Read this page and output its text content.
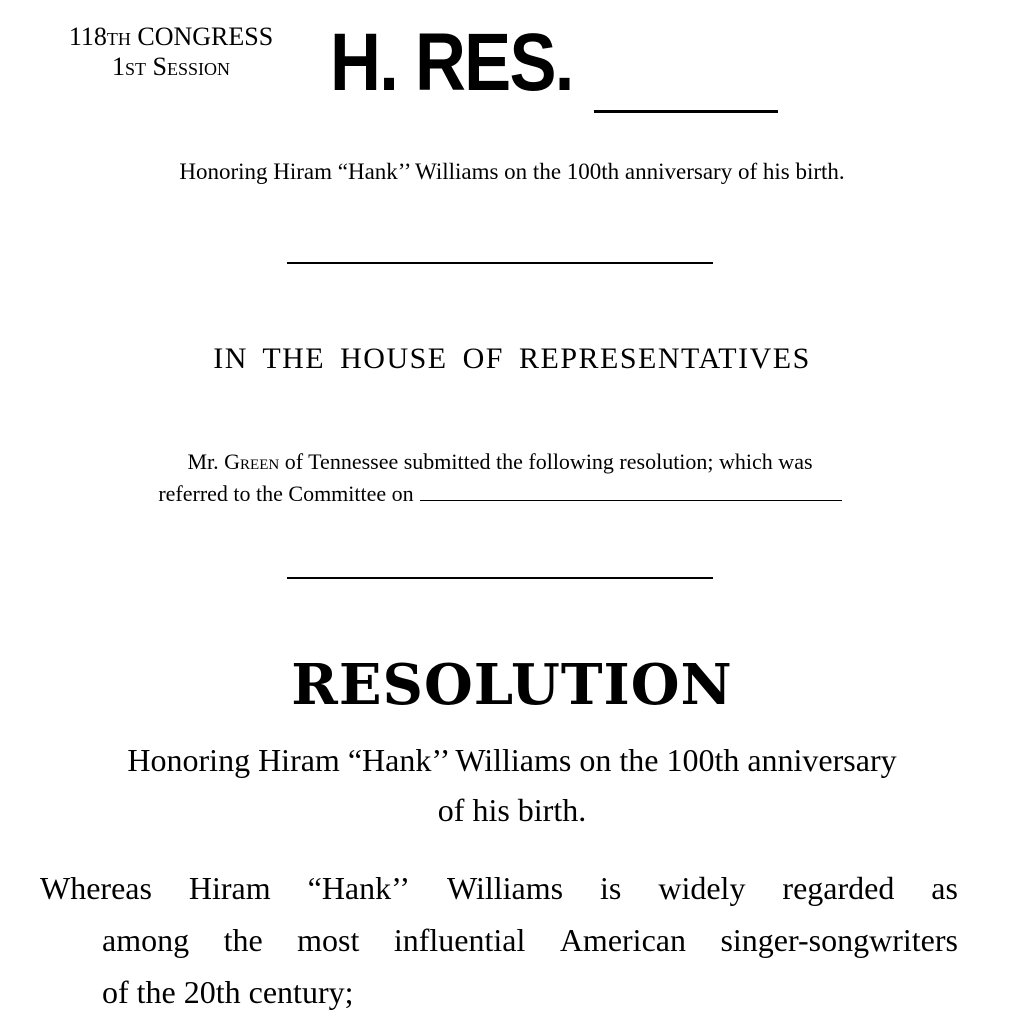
118th CONGRESS
1st Session	H. RES.
Honoring Hiram “Hank’’ Williams on the 100th anniversary of his birth.
IN THE HOUSE OF REPRESENTATIVES
Mr. Green of Tennessee submitted the following resolution; which was
referred to the Committee on
RESOLUTION
Honoring Hiram “Hank’’ Williams on the 100th anniversary
of his birth.
Whereas Hiram “Hank’’ Williams is widely regarded as
among the most influential American singer-songwriters
of the 20th century;
